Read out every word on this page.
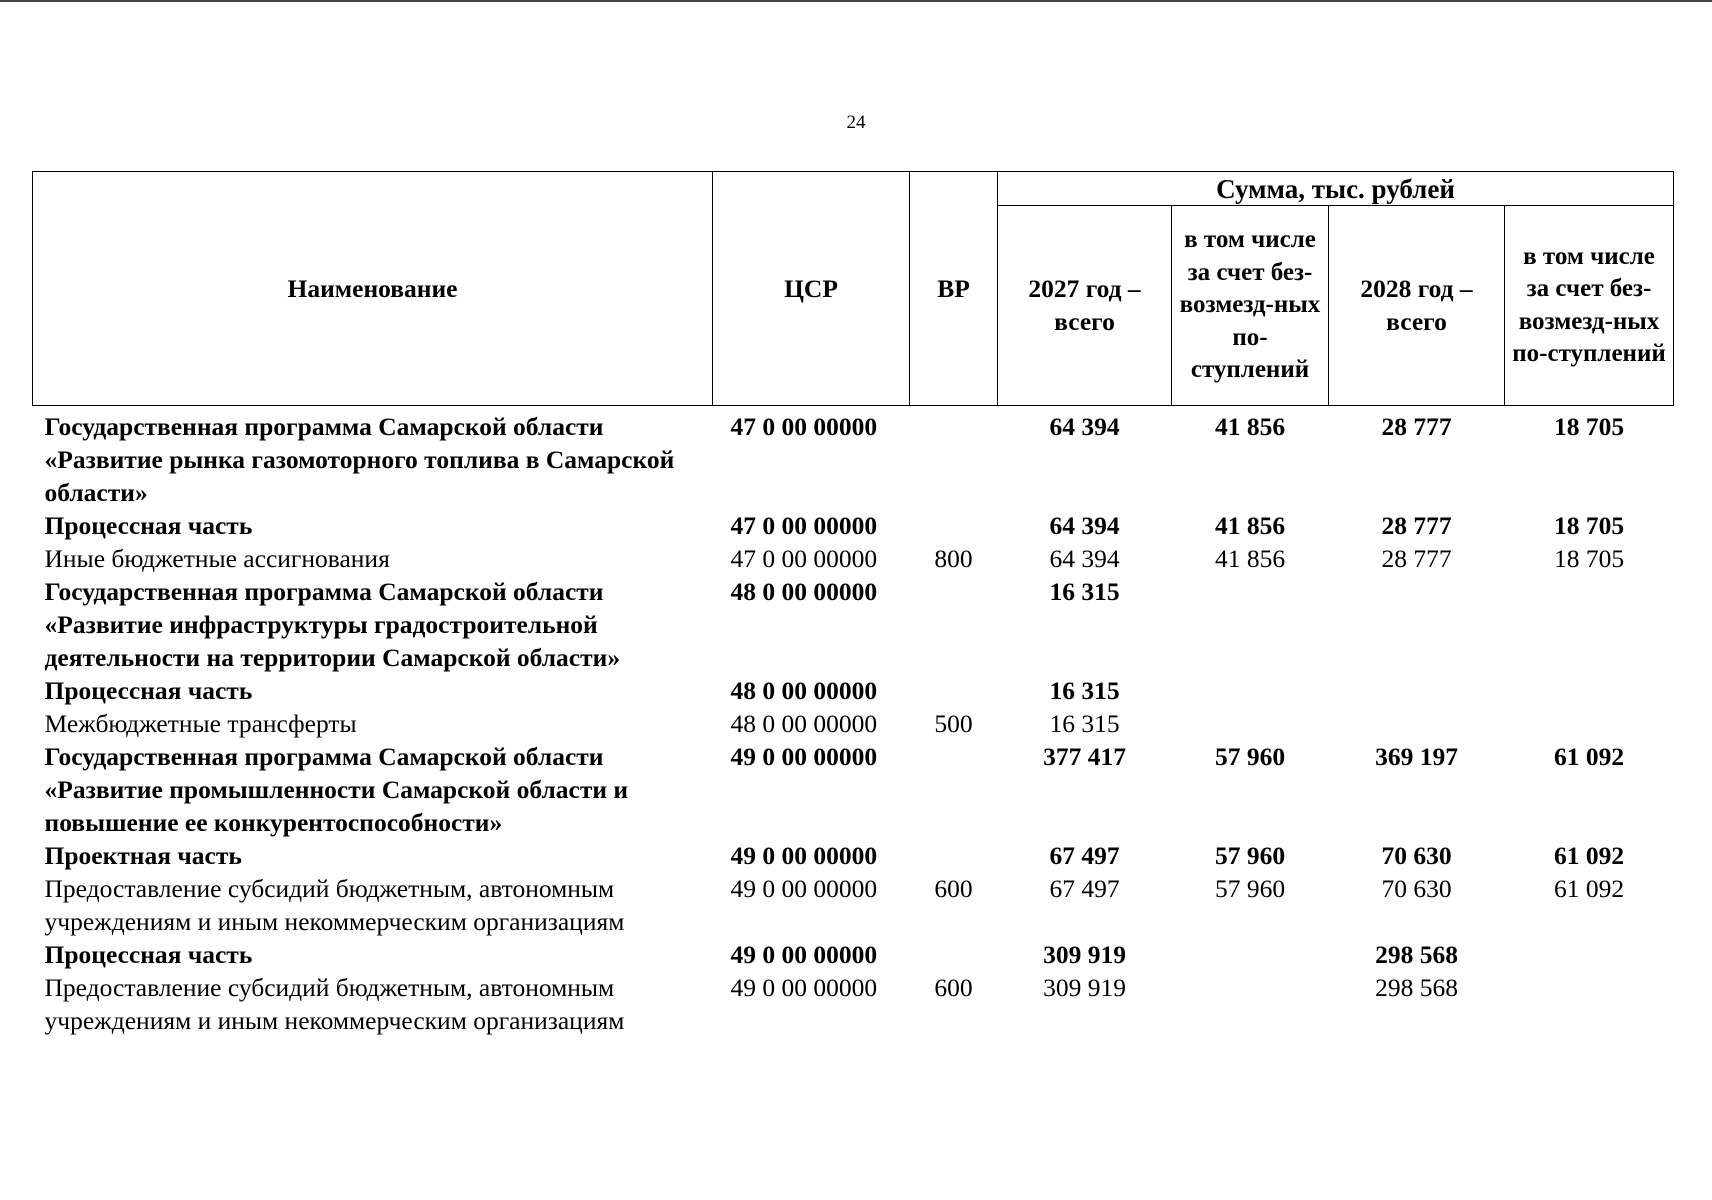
24
Наименование	ЦСР	ВР	Сумма, тыс. рублей			
			2027 год – всего	в том числе за счет без-возмезд-ных по-ступлений	2028 год – всего	в том числе за счет без-возмезд-ных по-ступлений
Государственная программа Самарской области «Развитие рынка газомоторного топлива в Самарской области»	47 0 00 00000		64 394	41 856	28 777	18 705
Процессная часть	47 0 00 00000		64 394	41 856	28 777	18 705
Иные бюджетные ассигнования	47 0 00 00000	800	64 394	41 856	28 777	18 705
Государственная программа Самарской области «Развитие инфраструктуры градостроительной деятельности на территории Самарской области»	48 0 00 00000		16 315			
Процессная часть	48 0 00 00000		16 315			
Межбюджетные трансферты	48 0 00 00000	500	16 315			
Государственная программа Самарской области «Развитие промышленности Самарской области и повышение ее конкурентоспособности»	49 0 00 00000		377 417	57 960	369 197	61 092
Проектная часть	49 0 00 00000		67 497	57 960	70 630	61 092
Предоставление субсидий бюджетным, автономным учреждениям и иным некоммерческим организациям	49 0 00 00000	600	67 497	57 960	70 630	61 092
Процессная часть	49 0 00 00000		309 919		298 568	
Предоставление субсидий бюджетным, автономным учреждениям и иным некоммерческим организациям	49 0 00 00000	600	309 919		298 568	
